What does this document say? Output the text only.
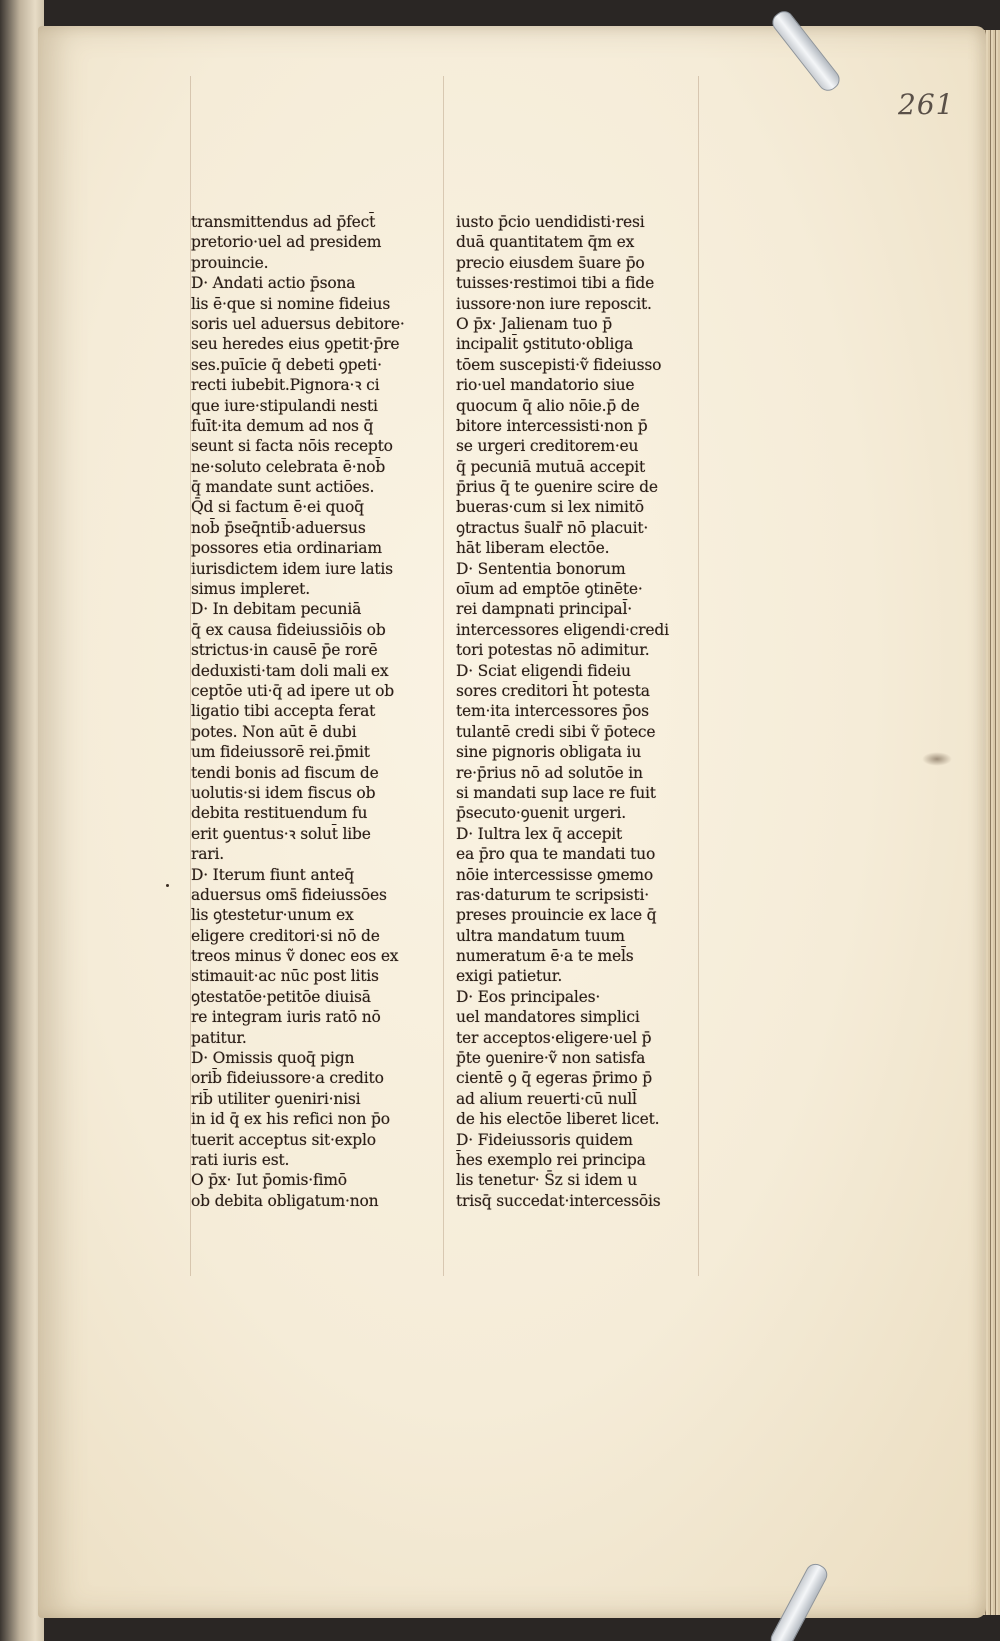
261
transmittendus ad p̄fect̄
pretorio·uel ad presidem
prouincie.
D· Andati actio p̄sona
lis ē·que si nomine fideius
soris uel aduersus debitore·
seu heredes eius ꝯpetit·p̄re
ses.puīcie q̄ debeti ꝯpeti·
recti iubebit.Pignora·ꝛ ci
que iure·stipulandi nesti
fuīt·ita demum ad nos q̄
seunt si facta nōis recepto
ne·soluto celebrata ē·nob̄
q̄ mandate sunt actiōes.
Q̄d si factum ē·ei quoq̄
nob̄ p̄seq̄ntib̄·aduersus
possores etia ordinariam
iurisdictem idem iure latis
simus impleret.
D· In debitam pecuniā
q̄ ex causa fideiussiōis ob
strictus·in causē p̄e rorē
deduxisti·tam doli mali ex
ceptōe uti·q̄ ad ipere ut ob
ligatio tibi accepta ferat
potes. Non aūt ē dubi
um fideiussorē rei.p̄mit
tendi bonis ad fiscum de
uolutis·si idem fiscus ob
debita restituendum fu
erit ꝯuentus·ꝛ solut̄ libe
rari.
D· Iterum fiunt anteq̄
aduersus oms̄ fideiussōes
lis ꝯtestetur·unum ex
eligere creditori·si nō de
treos minus ṽ donec eos ex
stimauit·ac nūc post litis
ꝯtestatōe·petitōe diuisā
re integram iuris ratō nō
patitur.
D· Omissis quoq̄ pign
orib̄ fideiussore·a credito
rib̄ utiliter ꝯueniri·nisi
in id q̄ ex his refici non p̄o
tuerit acceptus sit·explo
rati iuris est.
O p̄x· Iut p̄omis·fimō
ob debita obligatum·non
iusto p̄cio uendidisti·resi
duā quantitatem q̄m ex
precio eiusdem s̄uare p̄o
tuisses·restimoi tibi a fide
iussore·non iure reposcit.
O p̄x· Jalienam tuo p̄
incipalit̄ ꝯstituto·obliga
tōem suscepisti·ṽ fideiusso
rio·uel mandatorio siue
quocum q̄ alio nōie.p̄ de
bitore intercessisti·non p̄
se urgeri creditorem·eu
q̄ pecuniā mutuā accepit
p̄rius q̄ te ꝯuenire scire de
bueras·cum si lex nimitō
ꝯtractus s̄ualr̄ nō placuit·
hāt liberam electōe.
D· Sententia bonorum
oīum ad emptōe ꝯtinēte·
rei dampnati principal̄·
intercessores eligendi·credi
tori potestas nō adimitur.
D· Sciat eligendi fideiu
sores creditori h̄t potesta
tem·ita intercessores p̄os
tulantē credi sibi ṽ p̄otece
sine pignoris obligata iu
re·p̄rius nō ad solutōe in
si mandati sup lace re fuit
p̄secuto·ꝯuenit urgeri.
D· Iultra lex q̄ accepit
ea p̄ro qua te mandati tuo
nōie intercessisse ꝯmemo
ras·daturum te scripsisti·
preses prouincie ex lace q̄
ultra mandatum tuum
numeratum ē·a te mel̄s
exigi patietur.
D· Eos principales·
uel mandatores simplici
ter acceptos·eligere·uel p̄
p̄te ꝯuenire·ṽ non satisfa
cientē ꝯ q̄ egeras p̄rimo p̄
ad alium reuerti·cū null̄
de his electōe liberet licet.
D· Fideiussoris quidem
h̄es exemplo rei principa
lis tenetur· S̄z si idem u
trisq̄ succedat·intercessōis
